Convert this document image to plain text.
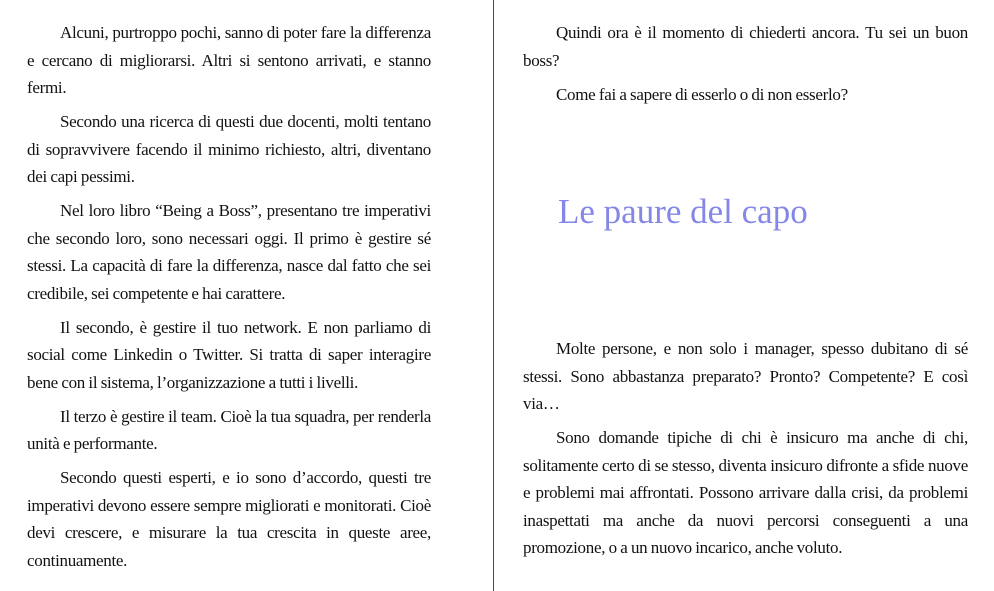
Alcuni, purtroppo pochi, sanno di poter fare la differenza e cercano di migliorarsi. Altri si sentono arrivati, e stanno fermi.

Secondo una ricerca di questi due docenti, molti tentano di sopravvivere facendo il minimo richiesto, altri, diventano dei capi pessimi.

Nel loro libro “Being a Boss”, presentano tre imperativi che secondo loro, sono necessari oggi. Il primo è gestire sé stessi. La capacità di fare la differenza, nasce dal fatto che sei credibile, sei competente e hai carattere.

Il secondo, è gestire il tuo network. E non parliamo di social come Linkedin o Twitter. Si tratta di saper interagire bene con il sistema, l’organizzazione a tutti i livelli.

Il terzo è gestire il team. Cioè la tua squadra, per renderla unità e performante.

Secondo questi esperti, e io sono d’accordo, questi tre imperativi devono essere sempre migliorati e monitorati. Cioè devi crescere, e misurare la tua crescita in queste aree, continuamente.

Quindi ora è il momento di chiederti ancora. Tu sei un buon boss?

Come fai a sapere di esserlo o di non esserlo?

Le paure del capo

Molte persone, e non solo i manager, spesso dubitano di sé stessi. Sono abbastanza preparato? Pronto? Competente? E così via…

Sono domande tipiche di chi è insicuro ma anche di chi, solitamente certo di se stesso, diventa insicuro difronte a sfide nuove e problemi mai affrontati. Possono arrivare dalla crisi, da problemi inaspettati ma anche da nuovi percorsi conseguenti a una promozione, o a un nuovo incarico, anche voluto.
